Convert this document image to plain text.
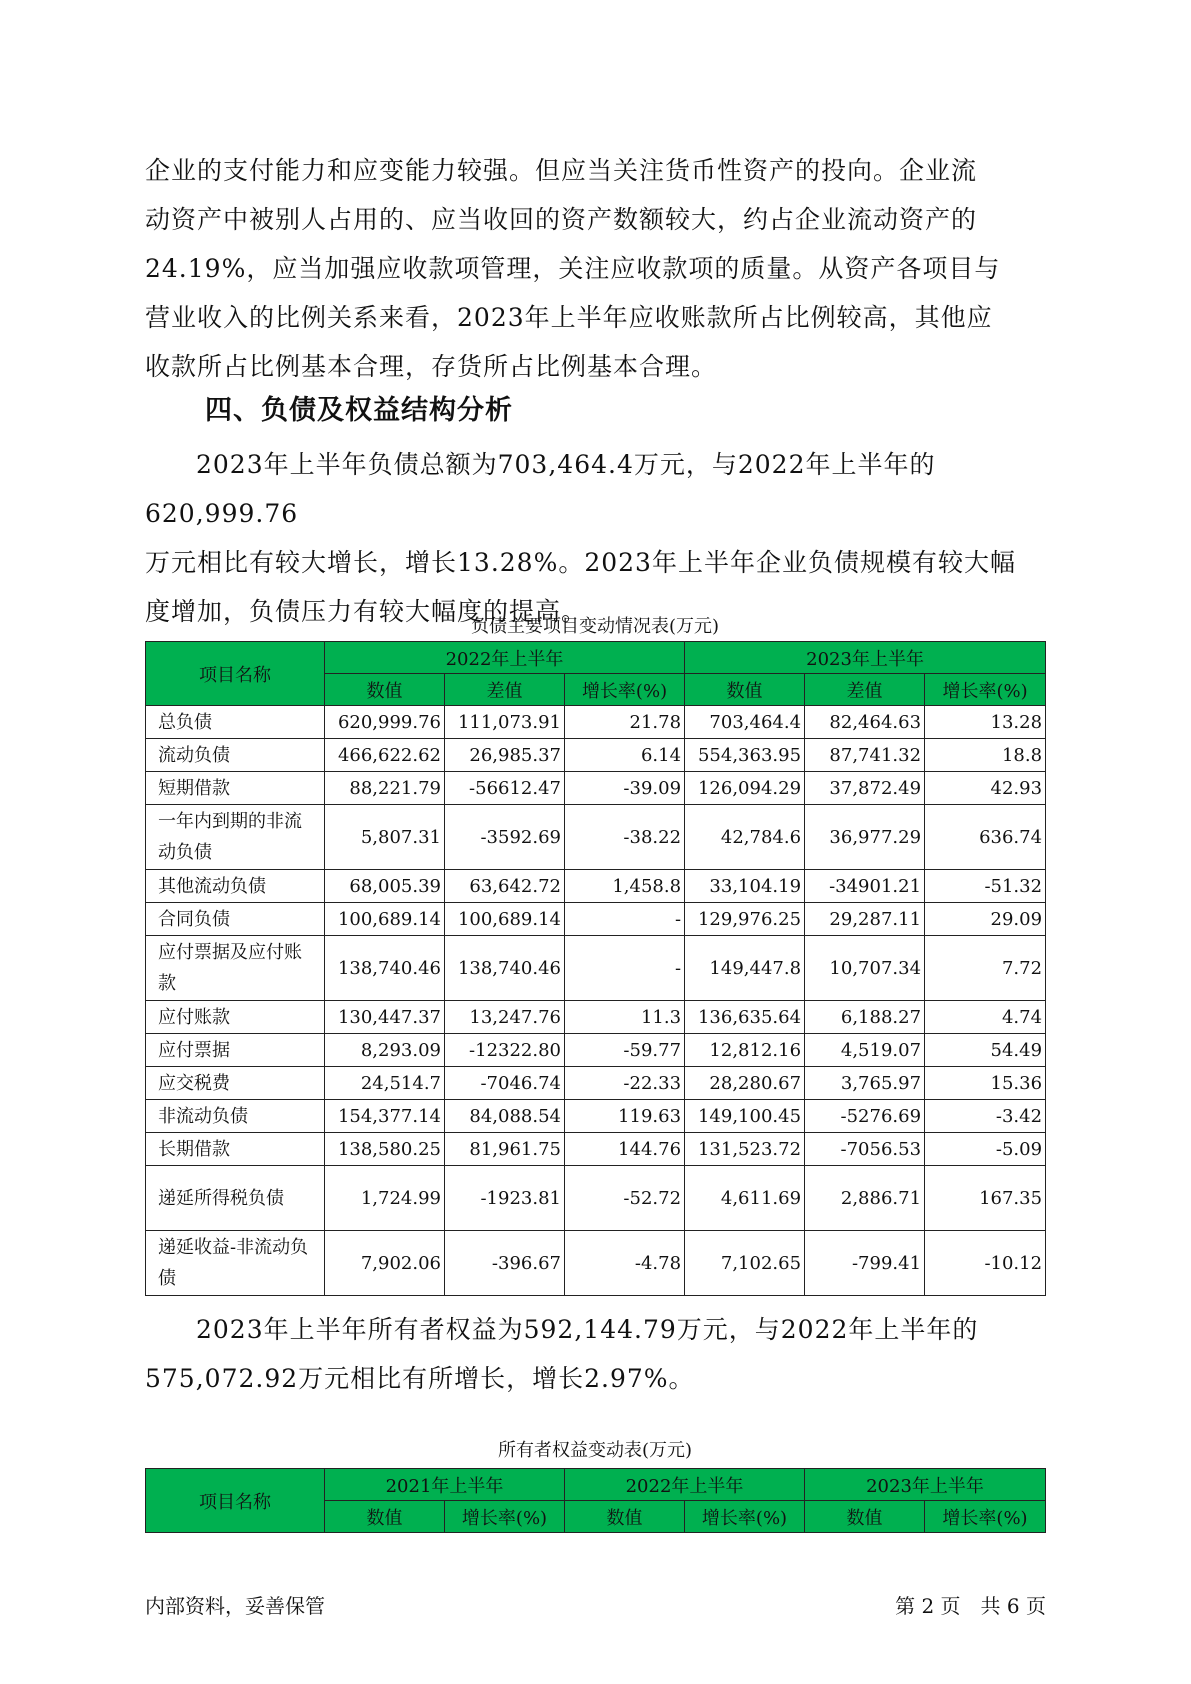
企业的支付能力和应变能力较强。但应当关注货币性资产的投向。企业流
动资产中被别人占用的、应当收回的资产数额较大，约占企业流动资产的
24.19%，应当加强应收款项管理，关注应收款项的质量。从资产各项目与
营业收入的比例关系来看，2023年上半年应收账款所占比例较高，其他应
收款所占比例基本合理，存货所占比例基本合理。

四、负债及权益结构分析

2023年上半年负债总额为703,464.4万元，与2022年上半年的620,999.76
万元相比有较大增长，增长13.28%。2023年上半年企业负债规模有较大幅
度增加，负债压力有较大幅度的提高。

负债主要项目变动情况表(万元)
项目名称	2022年上半年			2023年上半年		
	数值	差值	增长率(%)	数值	差值	增长率(%)
总负债	620,999.76	111,073.91	21.78	703,464.4	82,464.63	13.28
流动负债	466,622.62	26,985.37	6.14	554,363.95	87,741.32	18.8
短期借款	88,221.79	-56612.47	-39.09	126,094.29	37,872.49	42.93
一年内到期的非流动负债	5,807.31	-3592.69	-38.22	42,784.6	36,977.29	636.74
其他流动负债	68,005.39	63,642.72	1,458.8	33,104.19	-34901.21	-51.32
合同负债	100,689.14	100,689.14	-	129,976.25	29,287.11	29.09
应付票据及应付账款	138,740.46	138,740.46	-	149,447.8	10,707.34	7.72
应付账款	130,447.37	13,247.76	11.3	136,635.64	6,188.27	4.74
应付票据	8,293.09	-12322.80	-59.77	12,812.16	4,519.07	54.49
应交税费	24,514.7	-7046.74	-22.33	28,280.67	3,765.97	15.36
非流动负债	154,377.14	84,088.54	119.63	149,100.45	-5276.69	-3.42
长期借款	138,580.25	81,961.75	144.76	131,523.72	-7056.53	-5.09
递延所得税负债	1,724.99	-1923.81	-52.72	4,611.69	2,886.71	167.35
递延收益-非流动负债	7,902.06	-396.67	-4.78	7,102.65	-799.41	-10.12

2023年上半年所有者权益为592,144.79万元，与2022年上半年的
575,072.92万元相比有所增长，增长2.97%。

所有者权益变动表(万元)
项目名称	2021年上半年		2022年上半年		2023年上半年	
	数值	增长率(%)	数值	增长率(%)	数值	增长率(%)
内部资料，妥善保管	第 2 页　共 6 页
